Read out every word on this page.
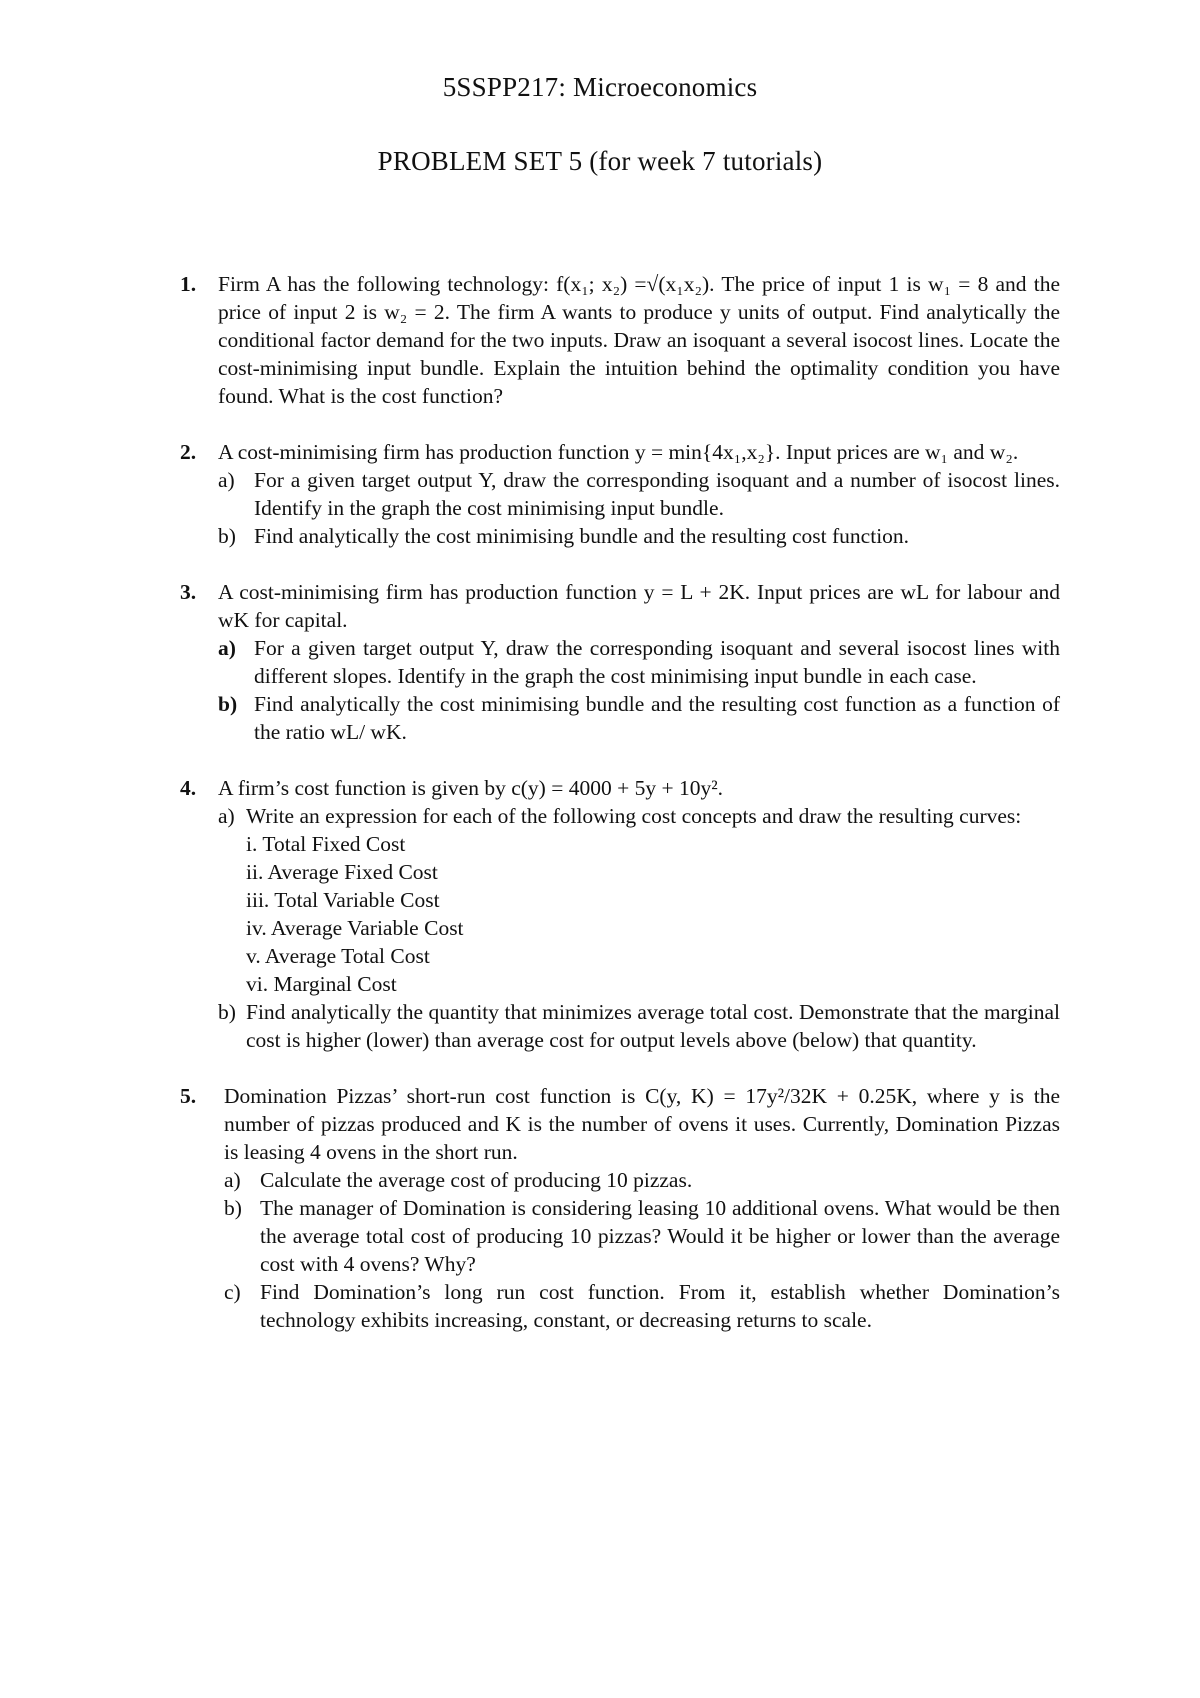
5SSPP217: Microeconomics
PROBLEM SET 5 (for week 7 tutorials)
1. Firm A has the following technology: f(x₁; x₂) =√(x₁x₂). The price of input 1 is w₁ = 8 and the price of input 2 is w₂ = 2. The firm A wants to produce y units of output. Find analytically the conditional factor demand for the two inputs. Draw an isoquant a several isocost lines. Locate the cost-minimising input bundle. Explain the intuition behind the optimality condition you have found. What is the cost function?
2. A cost-minimising firm has production function y = min{4x₁,x₂}. Input prices are w₁ and w₂.
a) For a given target output Y, draw the corresponding isoquant and a number of isocost lines. Identify in the graph the cost minimising input bundle.
b) Find analytically the cost minimising bundle and the resulting cost function.
3. A cost-minimising firm has production function y = L + 2K. Input prices are wL for labour and wK for capital.
a) For a given target output Y, draw the corresponding isoquant and several isocost lines with different slopes. Identify in the graph the cost minimising input bundle in each case.
b) Find analytically the cost minimising bundle and the resulting cost function as a function of the ratio wL/ wK.
4. A firm’s cost function is given by c(y) = 4000 + 5y + 10y².
a) Write an expression for each of the following cost concepts and draw the resulting curves:
i. Total Fixed Cost
ii. Average Fixed Cost
iii. Total Variable Cost
iv. Average Variable Cost
v. Average Total Cost
vi. Marginal Cost
b) Find analytically the quantity that minimizes average total cost. Demonstrate that the marginal cost is higher (lower) than average cost for output levels above (below) that quantity.
5. Domination Pizzas’ short-run cost function is C(y, K) = 17y²/32K + 0.25K, where y is the number of pizzas produced and K is the number of ovens it uses. Currently, Domination Pizzas is leasing 4 ovens in the short run.
a) Calculate the average cost of producing 10 pizzas.
b) The manager of Domination is considering leasing 10 additional ovens. What would be then the average total cost of producing 10 pizzas? Would it be higher or lower than the average cost with 4 ovens? Why?
c) Find Domination’s long run cost function. From it, establish whether Domination’s technology exhibits increasing, constant, or decreasing returns to scale.
